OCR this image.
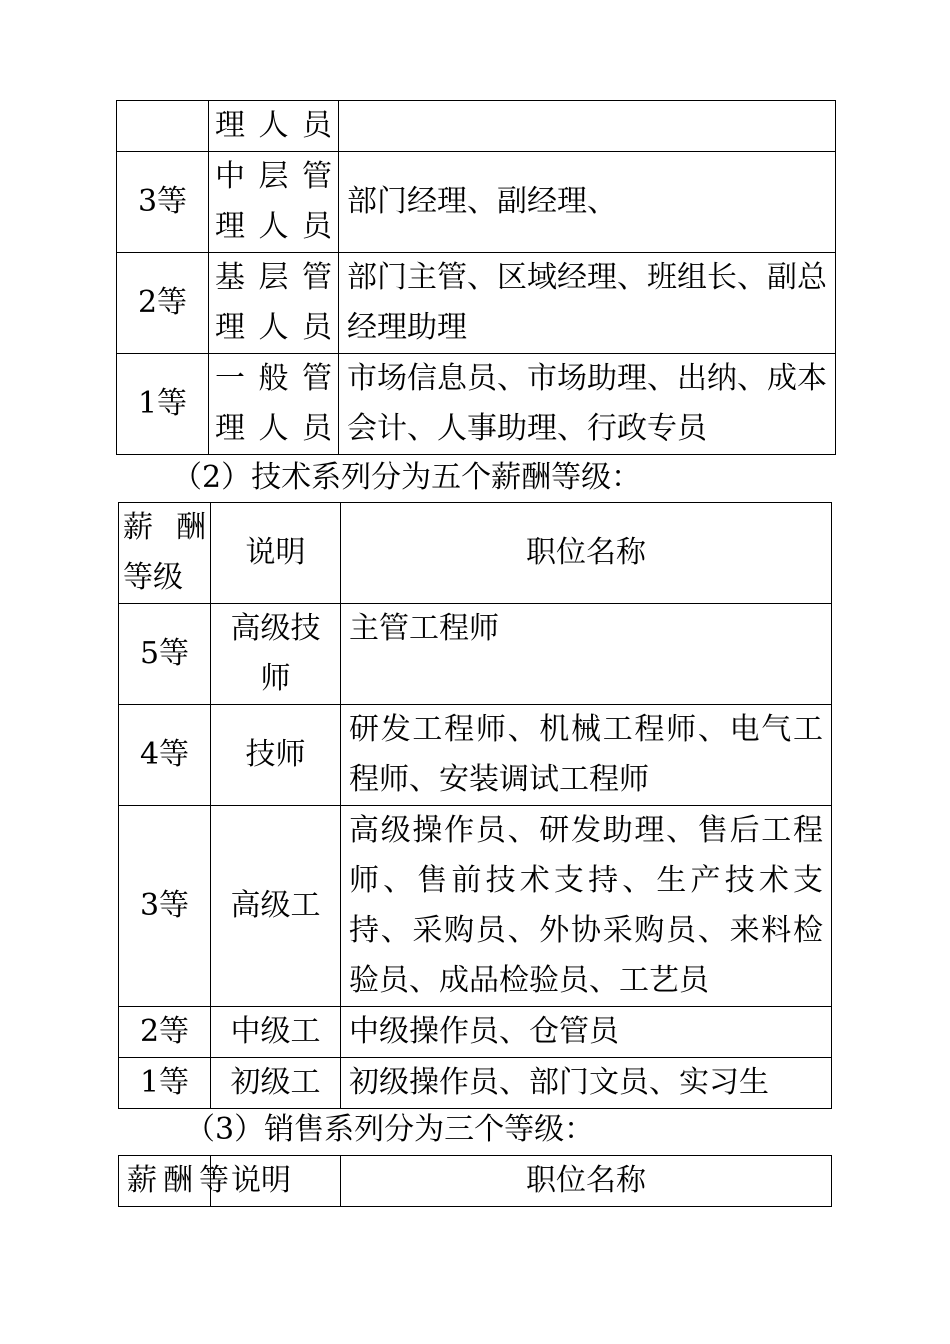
	理人员	
3等	中层管理人员	部门经理、副经理、
2等	基层管理人员	部门主管、区域经理、班组长、副总经理助理
1等	一般管理人员	市场信息员、市场助理、出纳、成本会计、人事助理、行政专员
（2）技术系列分为五个薪酬等级：
薪酬等级	说明	职位名称
5等	高级技师	主管工程师
4等	技师	研发工程师、机械工程师、电气工程师、安装调试工程师
3等	高级工	高级操作员、研发助理、售后工程师、售前技术支持、生产技术支持、采购员、外协采购员、来料检验员、成品检验员、工艺员
2等	中级工	中级操作员、仓管员
1等	初级工	初级操作员、部门文员、实习生
（3）销售系列分为三个等级：
薪酬等	说明	职位名称
